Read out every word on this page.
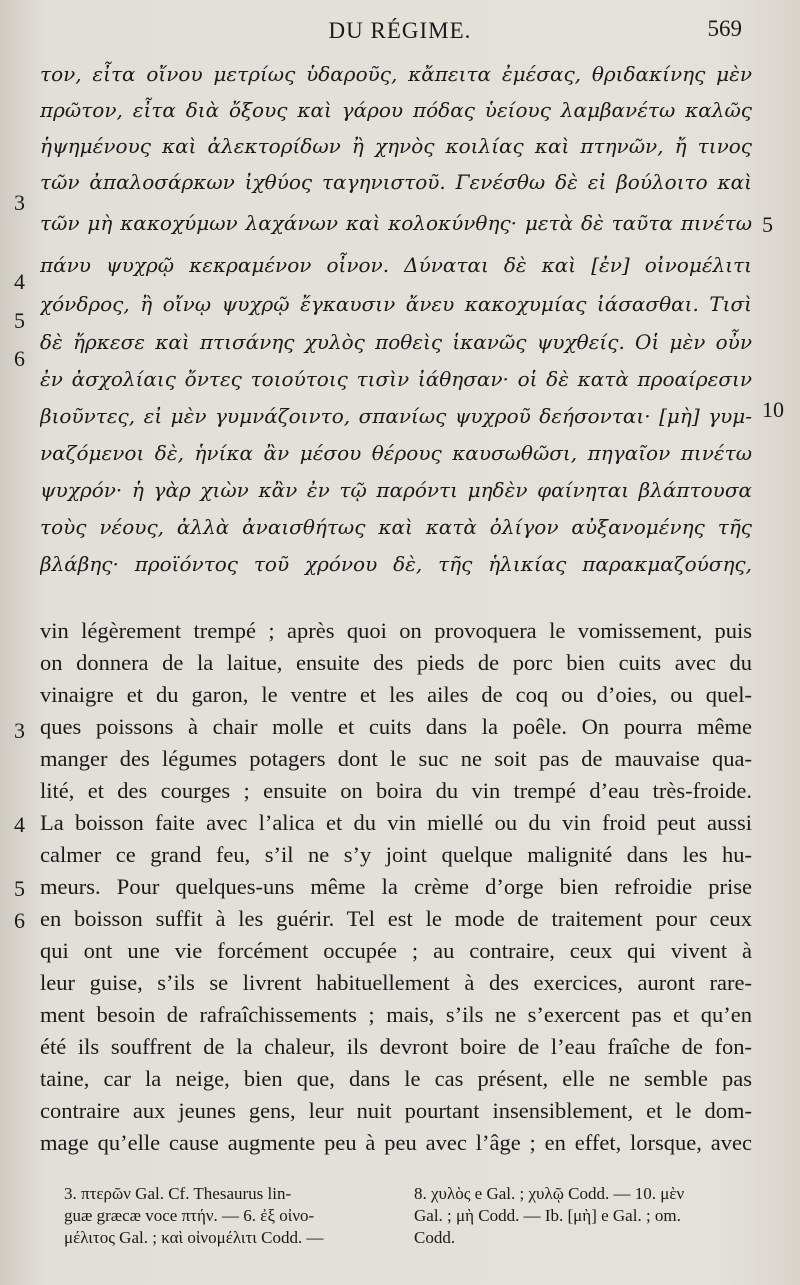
DU RÉGIME.	569
τον, εἶτα οἴνου μετρίως ὑδαροῦς, κἄπειτα ἐμέσας, θριδακίνης μὲν
πρῶτον, εἶτα διὰ ὄξους καὶ γάρου πόδας ὑείους λαμβανέτω καλῶς
ἡψημένους καὶ ἀλεκτορίδων ἢ χηνὸς κοιλίας καὶ πτηνῶν, ἤ τινος
τῶν ἀπαλοσάρκων ἰχθύος ταγηνιστοῦ. Γενέσθω δὲ εἰ βούλοιτο καὶ
τῶν μὴ κακοχύμων λαχάνων καὶ κολοκύνθης· μετὰ δὲ ταῦτα πινέτω
πάνυ ψυχρῷ κεκραμένον οἶνον. Δύναται δὲ καὶ [ἐν] οἰνομέλιτι
χόνδρος, ἢ οἴνῳ ψυχρῷ ἔγκαυσιν ἄνευ κακοχυμίας ἰάσασθαι. Τισὶ
δὲ ἤρκεσε καὶ πτισάνης χυλὸς ποθεὶς ἱκανῶς ψυχθείς. Οἱ μὲν οὖν
ἐν ἀσχολίαις ὄντες τοιούτοις τισὶν ἰάθησαν· οἱ δὲ κατὰ προαίρεσιν
βιοῦντες, εἰ μὲν γυμνάζοιντο, σπανίως ψυχροῦ δεήσονται· [μὴ] γυμ-
ναζόμενοι δὲ, ἡνίκα ἂν μέσου θέρους καυσωθῶσι, πηγαῖον πινέτω
ψυχρόν· ἡ γὰρ χιὼν κἂν ἐν τῷ παρόντι μηδὲν φαίνηται βλάπτουσα
τοὺς νέους, ἀλλὰ ἀναισθήτως καὶ κατὰ ὀλίγον αὐξανομένης τῆς
βλάβης· προϊόντος τοῦ χρόνου δὲ, τῆς ἡλικίας παρακμαζούσης,
3
4
5
6
5
10
vin légèrement trempé ; après quoi on provoquera le vomissement, puis
on donnera de la laitue, ensuite des pieds de porc bien cuits avec du
vinaigre et du garon, le ventre et les ailes de coq ou d’oies, ou quel-
ques poissons à chair molle et cuits dans la poêle. On pourra même
manger des légumes potagers dont le suc ne soit pas de mauvaise qua-
lité, et des courges ; ensuite on boira du vin trempé d’eau très-froide.
La boisson faite avec l’alica et du vin miellé ou du vin froid peut aussi
calmer ce grand feu, s’il ne s’y joint quelque malignité dans les hu-
meurs. Pour quelques-uns même la crème d’orge bien refroidie prise
en boisson suffit à les guérir. Tel est le mode de traitement pour ceux
qui ont une vie forcément occupée ; au contraire, ceux qui vivent à
leur guise, s’ils se livrent habituellement à des exercices, auront rare-
ment besoin de rafraîchissements ; mais, s’ils ne s’exercent pas et qu’en
été ils souffrent de la chaleur, ils devront boire de l’eau fraîche de fon-
taine, car la neige, bien que, dans le cas présent, elle ne semble pas
contraire aux jeunes gens, leur nuit pourtant insensiblement, et le dom-
mage qu’elle cause augmente peu à peu avec l’âge ; en effet, lorsque, avec
3
4
5
6
3. πτερῶν Gal. Cf. Thesaurus lin-
guæ græcæ voce πτήν. — 6. ἐξ οἰνο-
μέλιτος Gal. ; καὶ οἰνομέλιτι Codd. —
8. χυλὸς e Gal. ; χυλῷ Codd. — 10. μὲν
Gal. ; μὴ Codd. — Ib. [μὴ] e Gal. ; om.
Codd.
